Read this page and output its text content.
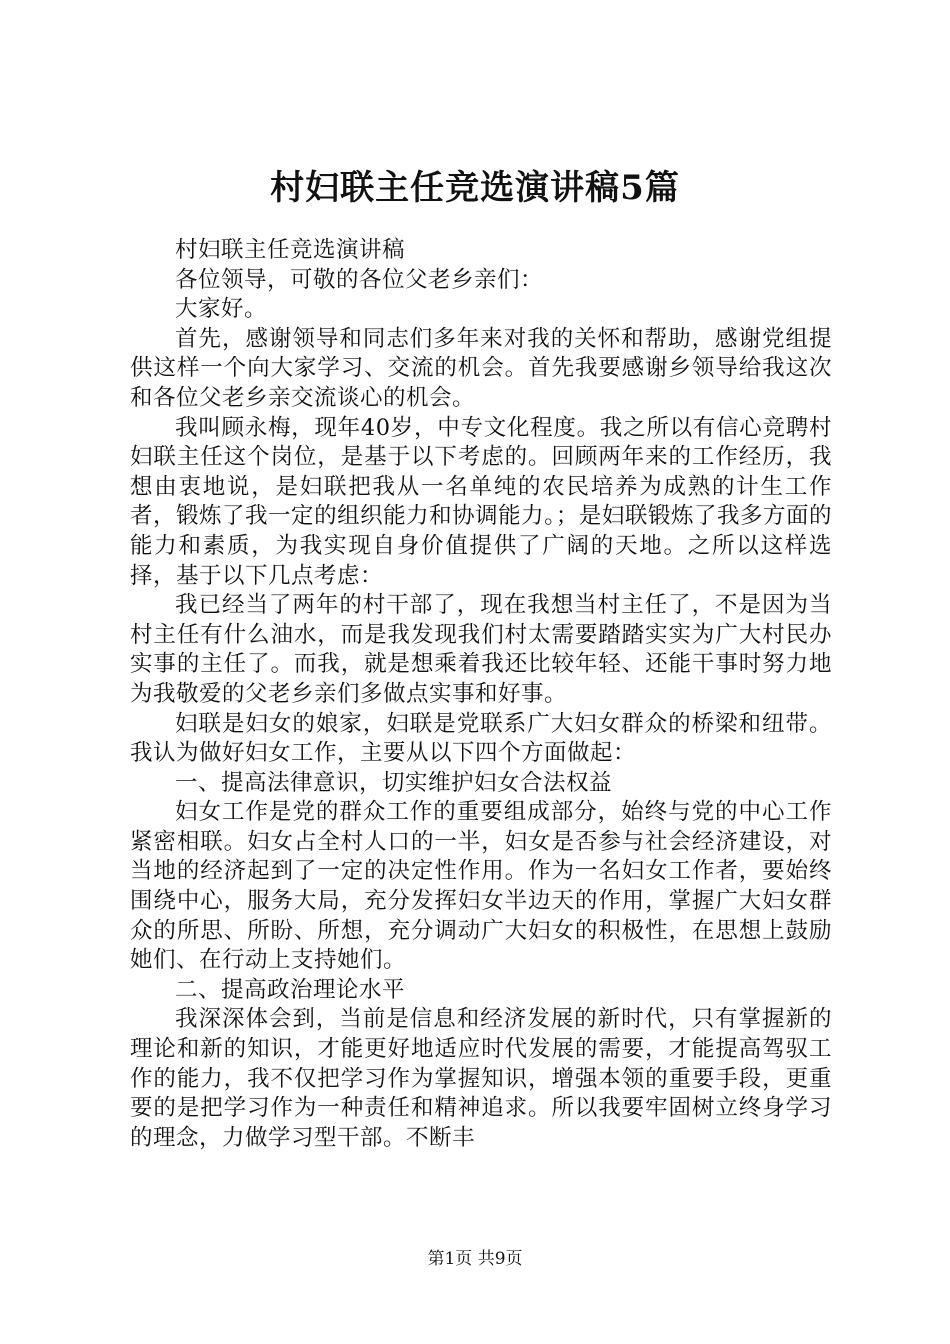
村妇联主任竞选演讲稿5篇

村妇联主任竞选演讲稿

各位领导，可敬的各位父老乡亲们：

大家好。

首先，感谢领导和同志们多年来对我的关怀和帮助，感谢党组提供这样一个向大家学习、交流的机会。首先我要感谢乡领导给我这次和各位父老乡亲交流谈心的机会。

我叫顾永梅，现年40岁，中专文化程度。我之所以有信心竞聘村妇联主任这个岗位，是基于以下考虑的。回顾两年来的工作经历，我想由衷地说，是妇联把我从一名单纯的农民培养为成熟的计生工作者，锻炼了我一定的组织能力和协调能力。；是妇联锻炼了我多方面的能力和素质，为我实现自身价值提供了广阔的天地。之所以这样选择，基于以下几点考虑：

我已经当了两年的村干部了，现在我想当村主任了，不是因为当村主任有什么油水，而是我发现我们村太需要踏踏实实为广大村民办实事的主任了。而我，就是想乘着我还比较年轻、还能干事时努力地为我敬爱的父老乡亲们多做点实事和好事。

妇联是妇女的娘家，妇联是党联系广大妇女群众的桥梁和纽带。我认为做好妇女工作，主要从以下四个方面做起：

一、提高法律意识，切实维护妇女合法权益

妇女工作是党的群众工作的重要组成部分，始终与党的中心工作紧密相联。妇女占全村人口的一半，妇女是否参与社会经济建设，对当地的经济起到了一定的决定性作用。作为一名妇女工作者，要始终围绕中心，服务大局，充分发挥妇女半边天的作用，掌握广大妇女群众的所思、所盼、所想，充分调动广大妇女的积极性，在思想上鼓励她们、在行动上支持她们。

二、提高政治理论水平

我深深体会到，当前是信息和经济发展的新时代，只有掌握新的理论和新的知识，才能更好地适应时代发展的需要，才能提高驾驭工作的能力，我不仅把学习作为掌握知识，增强本领的重要手段，更重要的是把学习作为一种责任和精神追求。所以我要牢固树立终身学习的理念，力做学习型干部。不断丰

第1页 共9页
